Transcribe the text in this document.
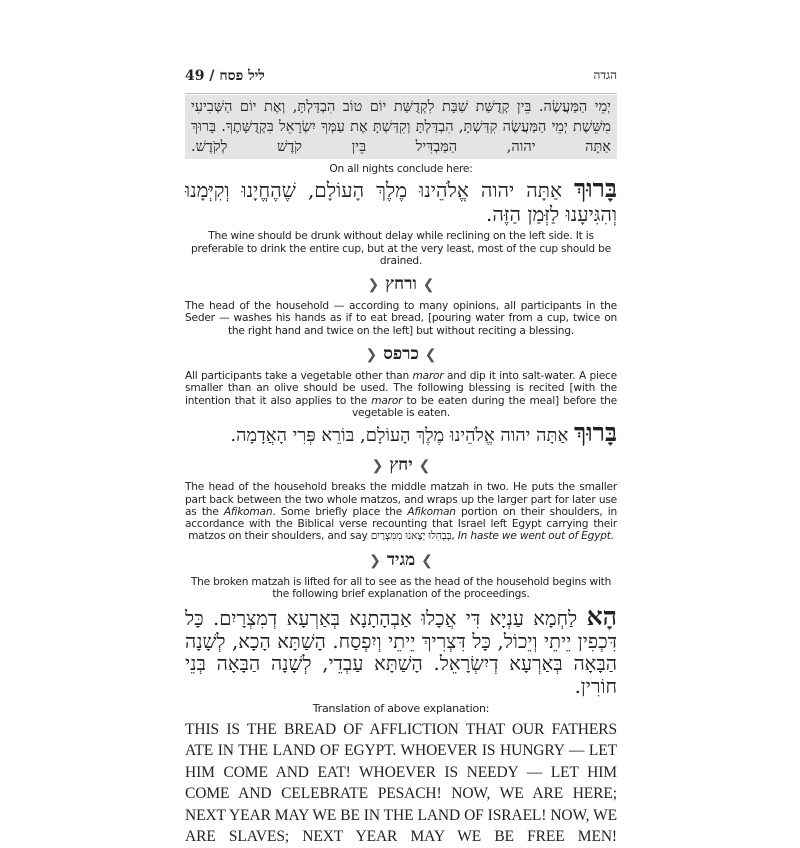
49 / ליל פסח	הגדה
יְמֵי הַמַּעֲשֶׂה. בֵּין קְדֻשַּׁת שַׁבָּת לִקְדֻשַּׁת יוֹם טוֹב הִבְדַּלְתָּ, וְאֶת יוֹם הַשְּׁבִיעִי מִשֵּׁשֶׁת יְמֵי הַמַּעֲשֶׂה קִדַּשְׁתָּ, הִבְדַּלְתָּ וְקִדַּשְׁתָּ אֶת עַמְּךָ יִשְׂרָאֵל בִּקְדֻשָּׁתֶךָ. בָּרוּךְ אַתָּה יהוה, הַמַּבְדִּיל בֵּין קֹדֶשׁ לְקֹדֶשׁ.
On all nights conclude here:
בָּרוּךְ אַתָּה יהוה אֱלֹהֵינוּ מֶלֶךְ הָעוֹלָם, שֶׁהֶחֱיָנוּ וְקִיְּמָנוּ וְהִגִּיעָנוּ לַזְּמַן הַזֶּה.
The wine should be drunk without delay while reclining on the left side. It is preferable to drink the entire cup, but at the very least, most of the cup should be drained.
❯ ורחץ ❮
The head of the household — according to many opinions, all participants in the Seder — washes his hands as if to eat bread, [pouring water from a cup, twice on the right hand and twice on the left] but without reciting a blessing.
❯ כרפס ❮
All participants take a vegetable other than maror and dip it into salt-water. A piece smaller than an olive should be used. The following blessing is recited [with the intention that it also applies to the maror to be eaten during the meal] before the vegetable is eaten.
בָּרוּךְ אַתָּה יהוה אֱלֹהֵינוּ מֶלֶךְ הָעוֹלָם, בּוֹרֵא פְּרִי הָאֲדָמָה.
❯ יחץ ❮
The head of the household breaks the middle matzah in two. He puts the smaller part back between the two whole matzos, and wraps up the larger part for later use as the Afikoman. Some briefly place the Afikoman portion on their shoulders, in accordance with the Biblical verse recounting that Israel left Egypt carrying their matzos on their shoulders, and say בְּבְהִלוּ יָצָאנוּ מִמִּצְרַיִם, In haste we went out of Egypt.
❯ מגיד ❮
The broken matzah is lifted for all to see as the head of the household begins with the following brief explanation of the proceedings.
הָא לַחְמָא עַנְיָא דִּי אֲכָלוּ אַבְהָתָנָא בְּאַרְעָא דְמִצְרָיִם. כָּל דִּכְפִין יֵיתֵי וְיֵכוֹל, כָּל דִּצְרִיךְ יֵיתֵי וְיִפְסַח. הָשַׁתָּא הָכָא, לְשָׁנָה הַבָּאָה בְּאַרְעָא דְיִשְׂרָאֵל. הָשַׁתָּא עַבְדֵי, לְשָׁנָה הַבָּאָה בְּנֵי חוֹרִין.
Translation of above explanation:
THIS IS THE BREAD OF AFFLICTION THAT OUR FATHERS ATE IN THE LAND OF EGYPT. WHOEVER IS HUNGRY — LET HIM COME AND EAT! WHOEVER IS NEEDY — LET HIM COME AND CELEBRATE PESACH! NOW, WE ARE HERE; NEXT YEAR MAY WE BE IN THE LAND OF ISRAEL! NOW, WE ARE SLAVES; NEXT YEAR MAY WE BE FREE MEN!
